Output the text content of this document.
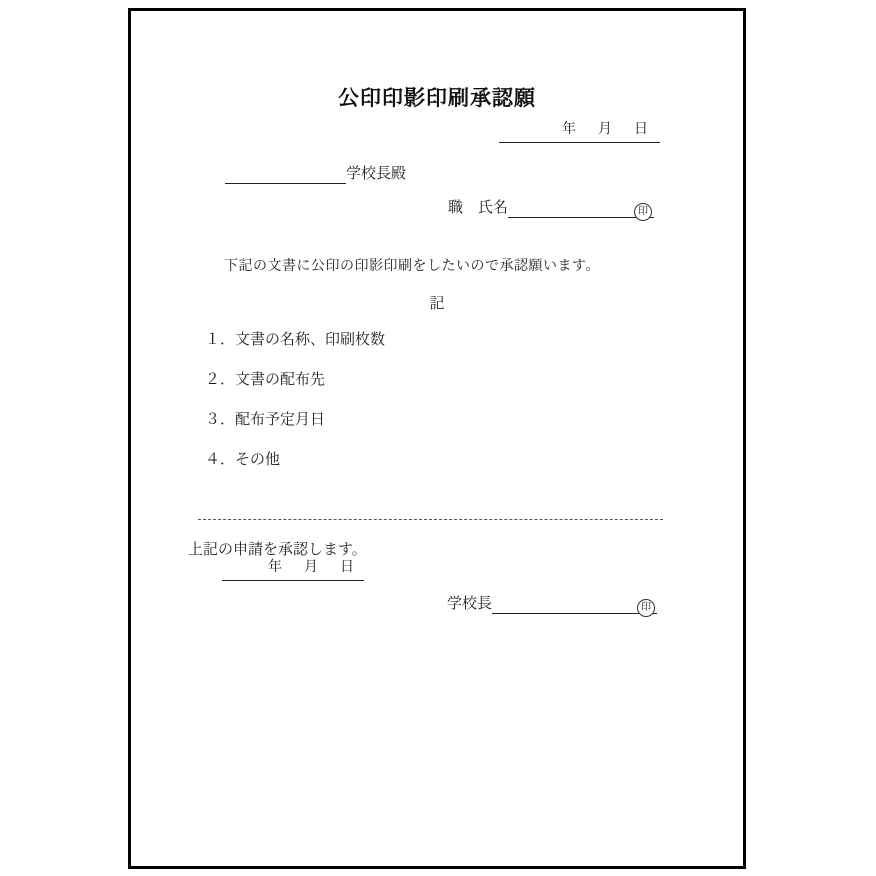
公印印影印刷承認願
年　月　日
学校長殿
職　氏名	印

下記の文書に公印の印影印刷をしたいので承認願います。

記
１．文書の名称、印刷枚数
２．文書の配布先
３．配布予定月日
４．その他

上記の申請を承認します。

年　月　日
学校長	印
